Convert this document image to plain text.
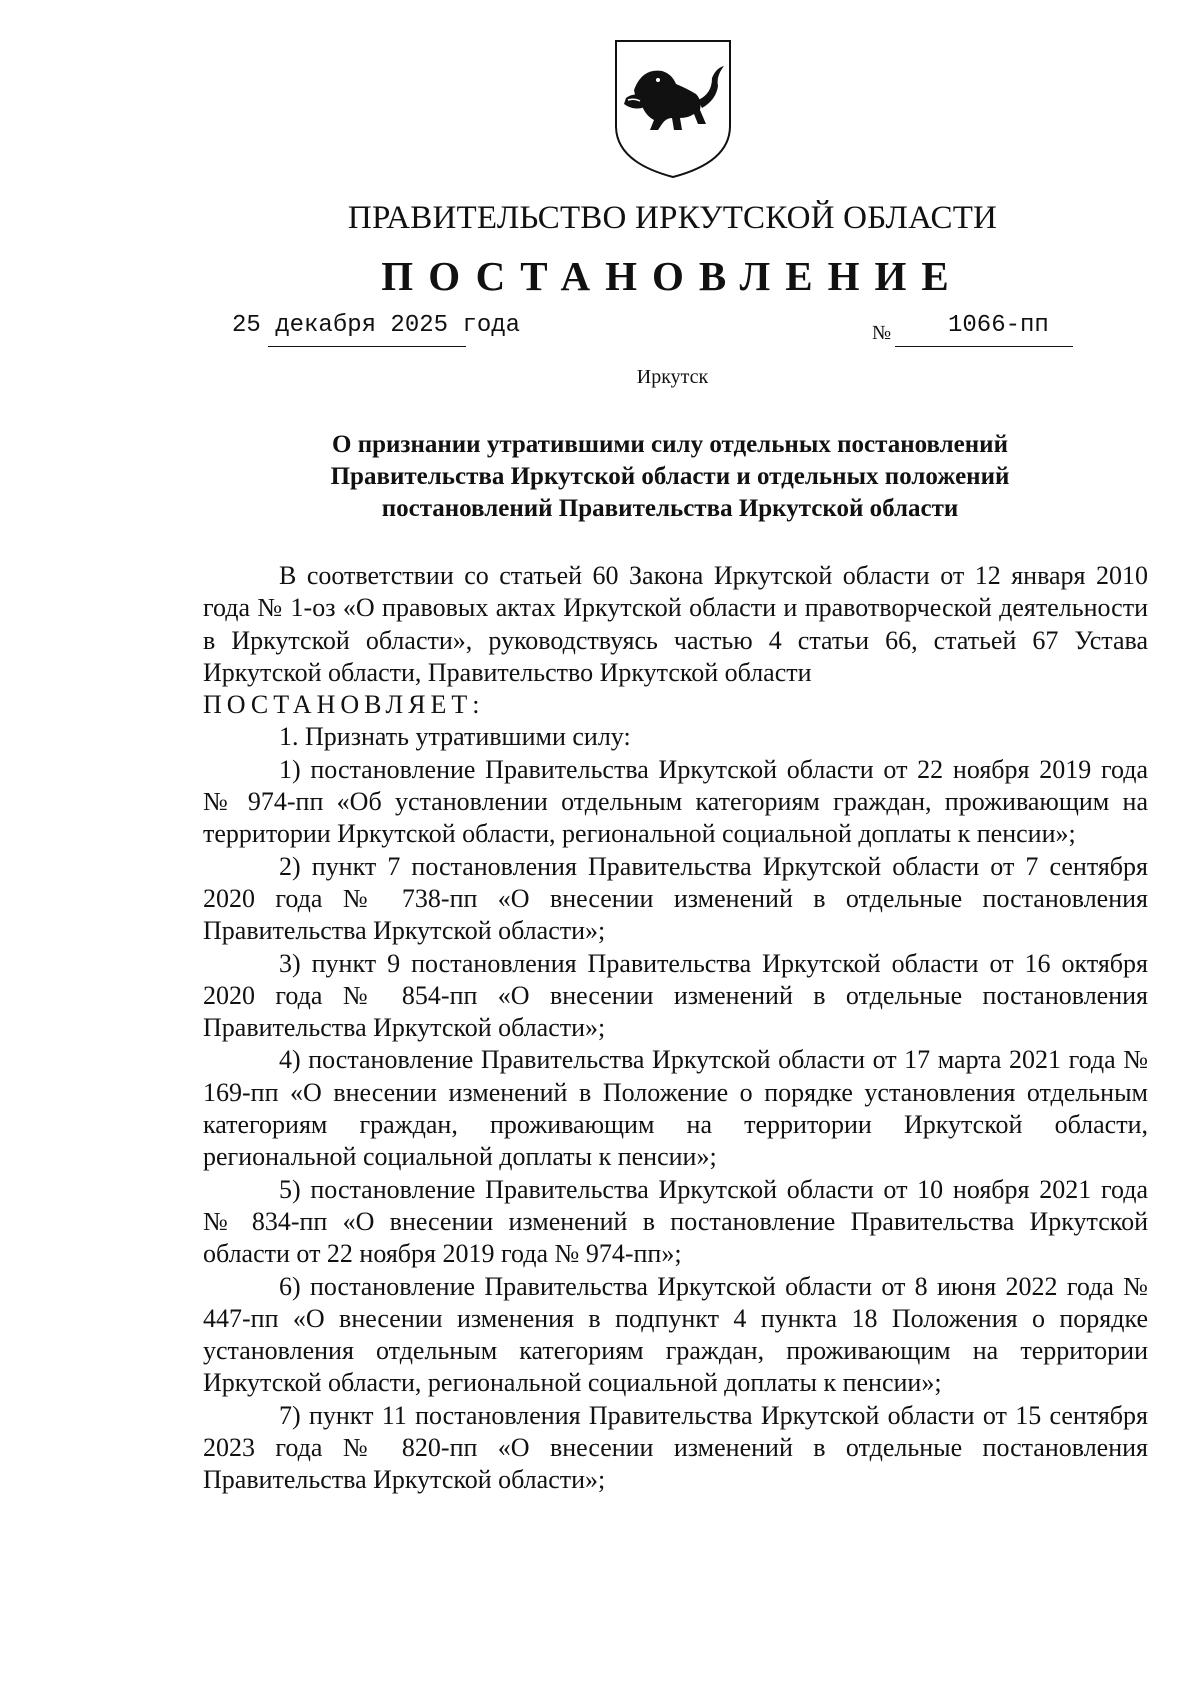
ПРАВИТЕЛЬСТВО ИРКУТСКОЙ ОБЛАСТИ
ПОСТАНОВЛЕНИЕ
25 декабря 2025 года	№ 1066-пп
Иркутск
О признании утратившими силу отдельных постановлений
Правительства Иркутской области и отдельных положений
постановлений Правительства Иркутской области
В соответствии со статьей 60 Закона Иркутской области от 12 января 2010 года № 1-оз «О правовых актах Иркутской области и правотворческой деятельности в Иркутской области», руководствуясь частью 4 статьи 66, статьей 67 Устава Иркутской области, Правительство Иркутской области
ПОСТАНОВЛЯЕТ:
1. Признать утратившими силу:
1) постановление Правительства Иркутской области от 22 ноября 2019 года № 974-пп «Об установлении отдельным категориям граждан, проживающим на территории Иркутской области, региональной социальной доплаты к пенсии»;
2) пункт 7 постановления Правительства Иркутской области от 7 сентября 2020 года № 738-пп «О внесении изменений в отдельные постановления Правительства Иркутской области»;
3) пункт 9 постановления Правительства Иркутской области от 16 октября 2020 года № 854-пп «О внесении изменений в отдельные постановления Правительства Иркутской области»;
4) постановление Правительства Иркутской области от 17 марта 2021 года № 169-пп «О внесении изменений в Положение о порядке установления отдельным категориям граждан, проживающим на территории Иркутской области, региональной социальной доплаты к пенсии»;
5) постановление Правительства Иркутской области от 10 ноября 2021 года № 834-пп «О внесении изменений в постановление Правительства Иркутской области от 22 ноября 2019 года № 974-пп»;
6) постановление Правительства Иркутской области от 8 июня 2022 года № 447-пп «О внесении изменения в подпункт 4 пункта 18 Положения о порядке установления отдельным категориям граждан, проживающим на территории Иркутской области, региональной социальной доплаты к пенсии»;
7) пункт 11 постановления Правительства Иркутской области от 15 сентября 2023 года № 820-пп «О внесении изменений в отдельные постановления Правительства Иркутской области»;
